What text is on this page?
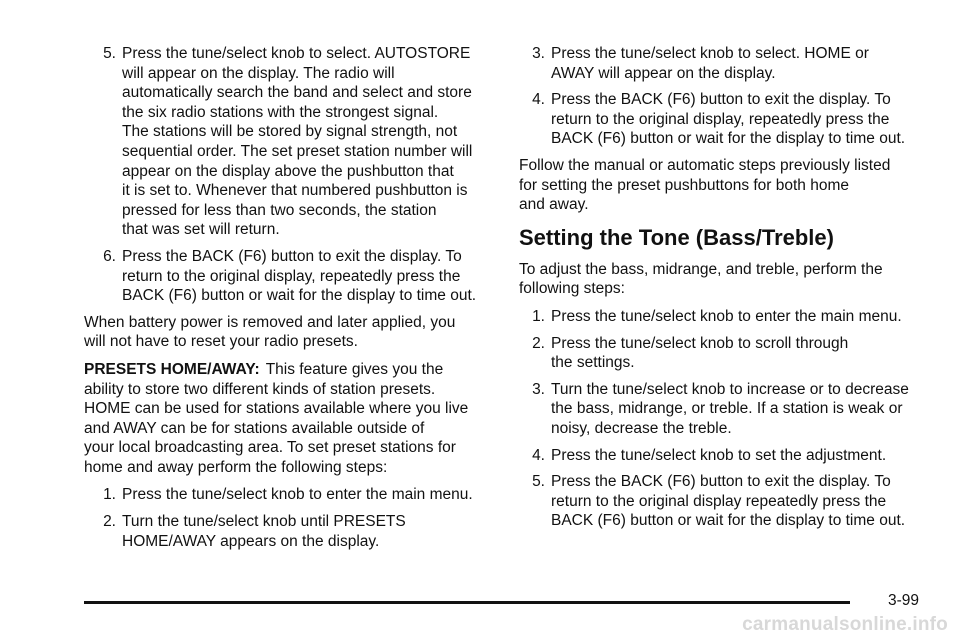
5. Press the tune/select knob to select. AUTOSTORE
will appear on the display. The radio will
automatically search the band and select and store
the six radio stations with the strongest signal.
The stations will be stored by signal strength, not
sequential order. The set preset station number will
appear on the display above the pushbutton that
it is set to. Whenever that numbered pushbutton is
pressed for less than two seconds, the station
that was set will return.
6. Press the BACK (F6) button to exit the display. To
return to the original display, repeatedly press the
BACK (F6) button or wait for the display to time out.

When battery power is removed and later applied, you
will not have to reset your radio presets.

PRESETS HOME/AWAY: This feature gives you the
ability to store two different kinds of station presets.
HOME can be used for stations available where you live
and AWAY can be for stations available outside of
your local broadcasting area. To set preset stations for
home and away perform the following steps:

1. Press the tune/select knob to enter the main menu.
2. Turn the tune/select knob until PRESETS
HOME/AWAY appears on the display.
3. Press the tune/select knob to select. HOME or
AWAY will appear on the display.
4. Press the BACK (F6) button to exit the display. To
return to the original display, repeatedly press the
BACK (F6) button or wait for the display to time out.

Follow the manual or automatic steps previously listed
for setting the preset pushbuttons for both home
and away.

Setting the Tone (Bass/Treble)

To adjust the bass, midrange, and treble, perform the
following steps:

1. Press the tune/select knob to enter the main menu.
2. Press the tune/select knob to scroll through
the settings.
3. Turn the tune/select knob to increase or to decrease
the bass, midrange, or treble. If a station is weak or
noisy, decrease the treble.
4. Press the tune/select knob to set the adjustment.
5. Press the BACK (F6) button to exit the display. To
return to the original display repeatedly press the
BACK (F6) button or wait for the display to time out.
3-99
carmanualsonline.info
